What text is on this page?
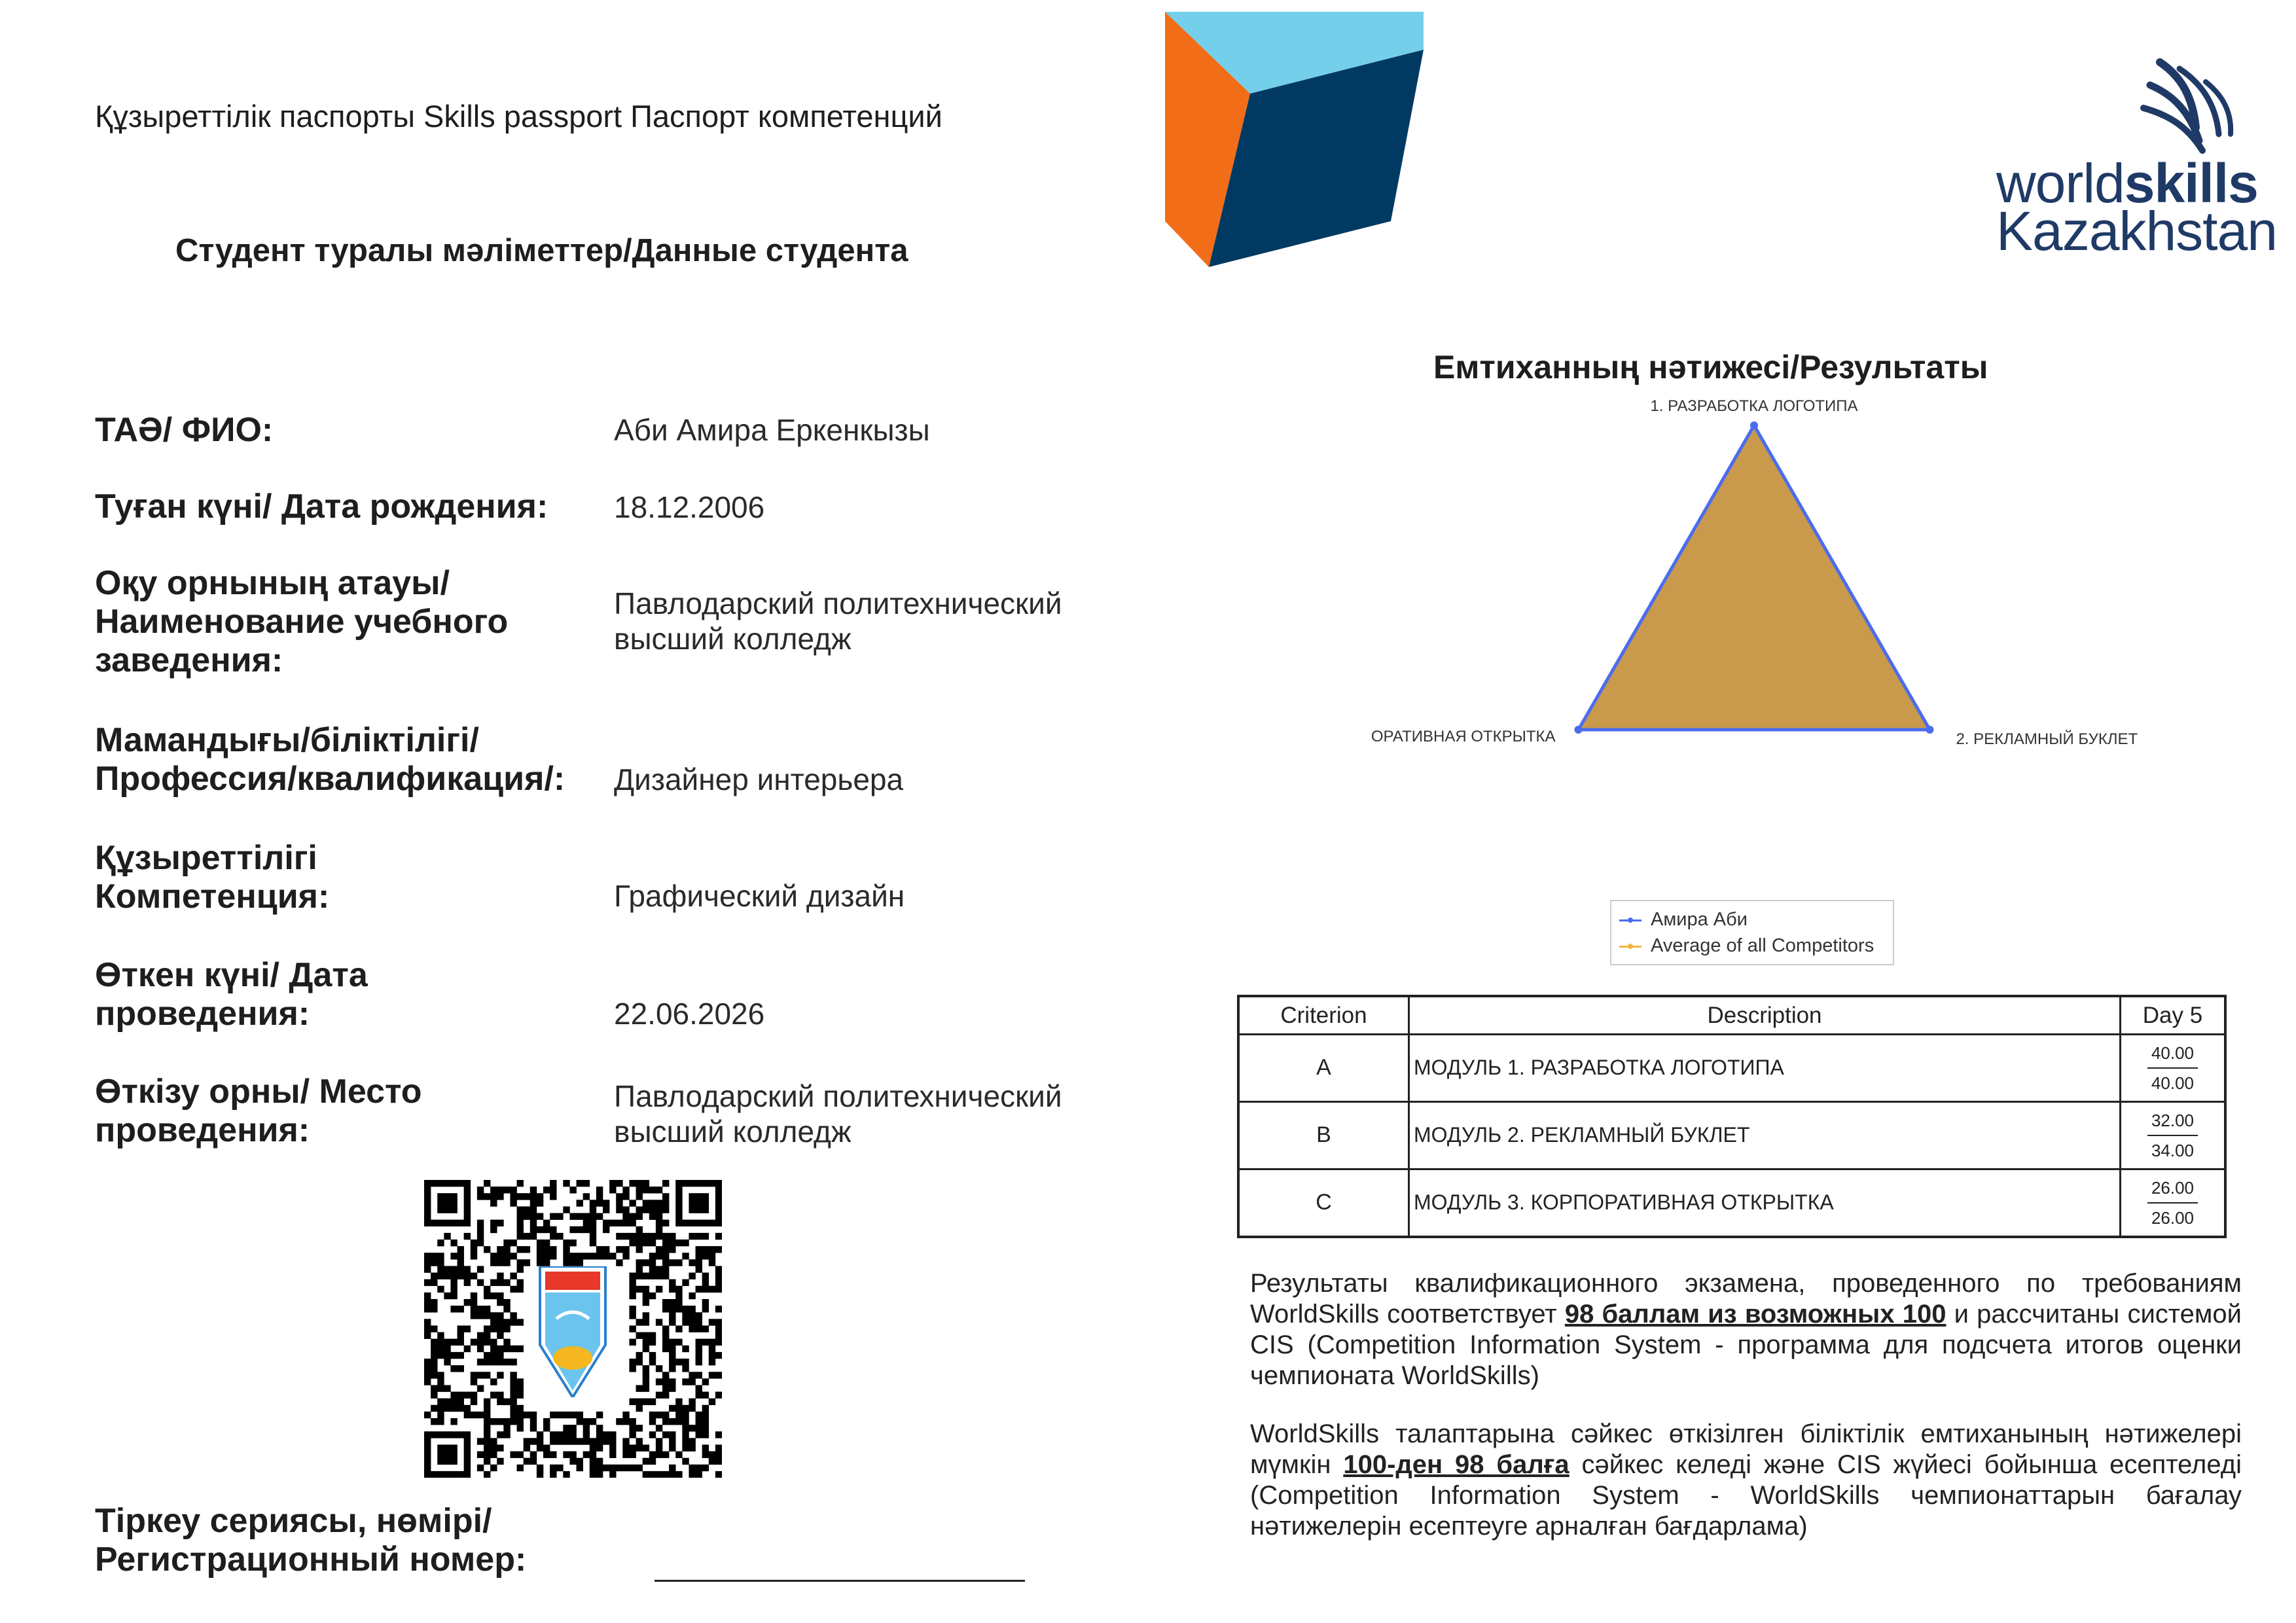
Құзыреттілік паспорты Skills passport Паспорт компетенций
Студент туралы мәліметтер/Данные студента
worldskills
Kazakhstan
ТАӘ/ ФИО:	Аби Амира Еркенкызы
Туған күні/ Дата рождения: 18.12.2006
Оқу орнының атауы/ Наименование учебного заведения:
Павлодарский политехнический высший колледж
Мамандығы/біліктілігі/ Профессия/квалификация/:	Дизайнер интерьера
Құзыреттілігі Компетенция:	Графический дизайн
Өткен күні/ Дата проведения:	22.06.2026
Өткізу орны/ Место проведения:
Павлодарский политехнический высший колледж
Тіркеу сериясы, нөмірі/ Регистрационный номер:
Емтиханның нәтижесі/Результаты
1. РАЗРАБОТКА ЛОГОТИПА
2. РЕКЛАМНЫЙ БУКЛЕТ
ОРАТИВНАЯ ОТКРЫТКА
Амира Аби
Average of all Competitors
Criterion	Description	Day 5
A	МОДУЛЬ 1. РАЗРАБОТКА ЛОГОТИПА	40.00
40.00
B	МОДУЛЬ 2. РЕКЛАМНЫЙ БУКЛЕТ	32.00
34.00
C	МОДУЛЬ 3. КОРПОРАТИВНАЯ ОТКРЫТКА	26.00
26.00
Результаты квалификационного экзамена, проведенного по требованиям WorldSkills соответствует 98 баллам из возможных 100 и рассчитаны системой CIS (Competition Information System - программа для подсчета итогов оценки чемпионата WorldSkills)
WorldSkills талаптарына сәйкес өткізілген біліктілік емтиханының нәтижелері мүмкін 100-ден 98 балға сәйкес келеді және CIS жүйесі бойынша есептеледі (Competition Information System - WorldSkills чемпионаттарын бағалау нәтижелерін есептеуге арналған бағдарлама)
